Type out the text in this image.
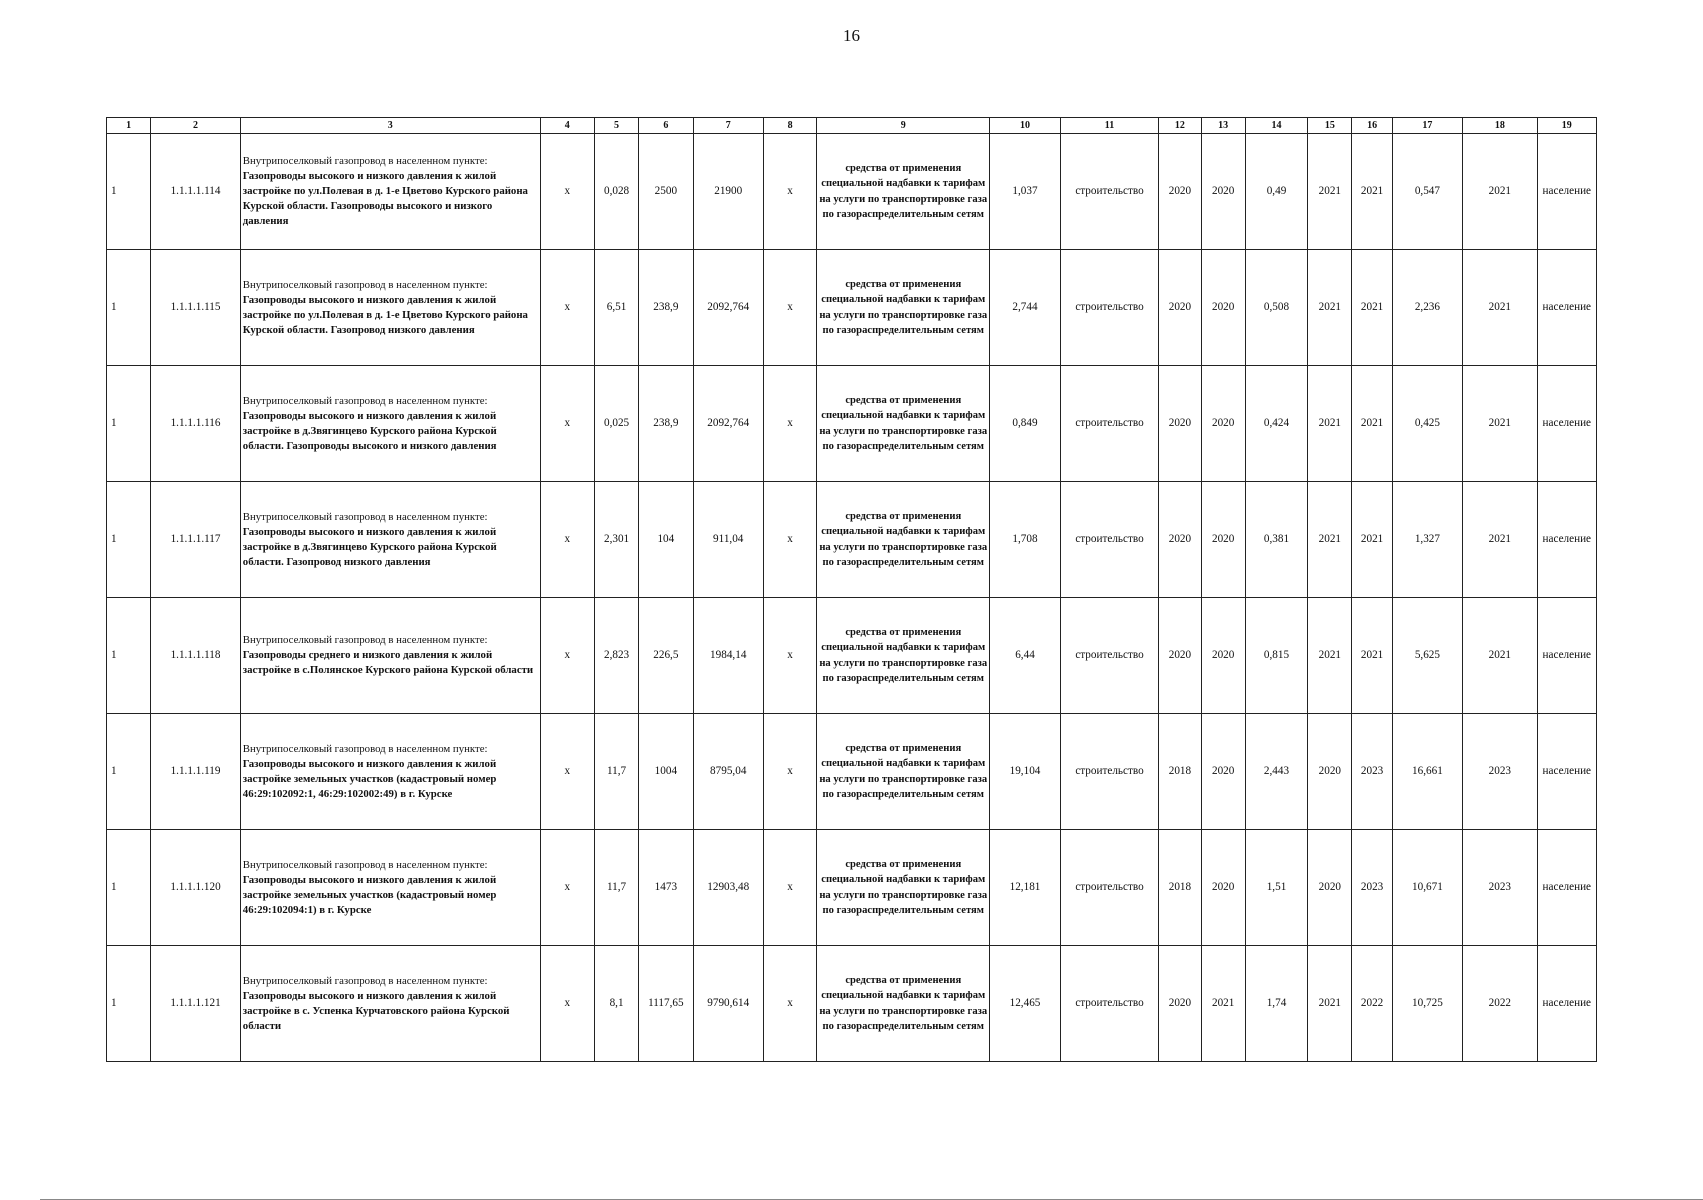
16
1	2	3	4	5	6	7	8	9	10	11	12	13	14	15	16	17	18	19
1	1.1.1.1.114	Внутрипоселковый газопровод в населенном пункте: Газопроводы высокого и низкого давления к жилой застройке по ул.Полевая в д. 1-е Цветово Курского района Курской области. Газопроводы высокого и низкого давления	x	0,028	2500	21900	x	средства от применения специальной надбавки к тарифам на услуги по транспортировке газа по газораспределительным сетям	1,037	строительство	2020	2020	0,49	2021	2021	0,547	2021	население
1	1.1.1.1.115	Внутрипоселковый газопровод в населенном пункте: Газопроводы высокого и низкого давления к жилой застройке по ул.Полевая в д. 1-е Цветово Курского района Курской области. Газопровод низкого давления	x	6,51	238,9	2092,764	x	средства от применения специальной надбавки к тарифам на услуги по транспортировке газа по газораспределительным сетям	2,744	строительство	2020	2020	0,508	2021	2021	2,236	2021	население
1	1.1.1.1.116	Внутрипоселковый газопровод в населенном пункте: Газопроводы высокого и низкого давления к жилой застройке в д.Звягинцево Курского района Курской области. Газопроводы высокого и низкого давления	x	0,025	238,9	2092,764	x	средства от применения специальной надбавки к тарифам на услуги по транспортировке газа по газораспределительным сетям	0,849	строительство	2020	2020	0,424	2021	2021	0,425	2021	население
1	1.1.1.1.117	Внутрипоселковый газопровод в населенном пункте: Газопроводы высокого и низкого давления к жилой застройке в д.Звягинцево Курского района Курской области. Газопровод низкого давления	x	2,301	104	911,04	x	средства от применения специальной надбавки к тарифам на услуги по транспортировке газа по газораспределительным сетям	1,708	строительство	2020	2020	0,381	2021	2021	1,327	2021	население
1	1.1.1.1.118	Внутрипоселковый газопровод в населенном пункте: Газопроводы среднего и низкого давления к жилой застройке в с.Полянское Курского района Курской области	x	2,823	226,5	1984,14	x	средства от применения специальной надбавки к тарифам на услуги по транспортировке газа по газораспределительным сетям	6,44	строительство	2020	2020	0,815	2021	2021	5,625	2021	население
1	1.1.1.1.119	Внутрипоселковый газопровод в населенном пункте: Газопроводы высокого и низкого давления к жилой застройке земельных участков (кадастровый номер 46:29:102092:1, 46:29:102002:49) в г. Курске	x	11,7	1004	8795,04	x	средства от применения специальной надбавки к тарифам на услуги по транспортировке газа по газораспределительным сетям	19,104	строительство	2018	2020	2,443	2020	2023	16,661	2023	население
1	1.1.1.1.120	Внутрипоселковый газопровод в населенном пункте: Газопроводы высокого и низкого давления к жилой застройке земельных участков (кадастровый номер 46:29:102094:1) в г. Курске	x	11,7	1473	12903,48	x	средства от применения специальной надбавки к тарифам на услуги по транспортировке газа по газораспределительным сетям	12,181	строительство	2018	2020	1,51	2020	2023	10,671	2023	население
1	1.1.1.1.121	Внутрипоселковый газопровод в населенном пункте: Газопроводы высокого и низкого давления к жилой застройке в с. Успенка Курчатовского района Курской области	x	8,1	1117,65	9790,614	x	средства от применения специальной надбавки к тарифам на услуги по транспортировке газа по газораспределительным сетям	12,465	строительство	2020	2021	1,74	2021	2022	10,725	2022	население
